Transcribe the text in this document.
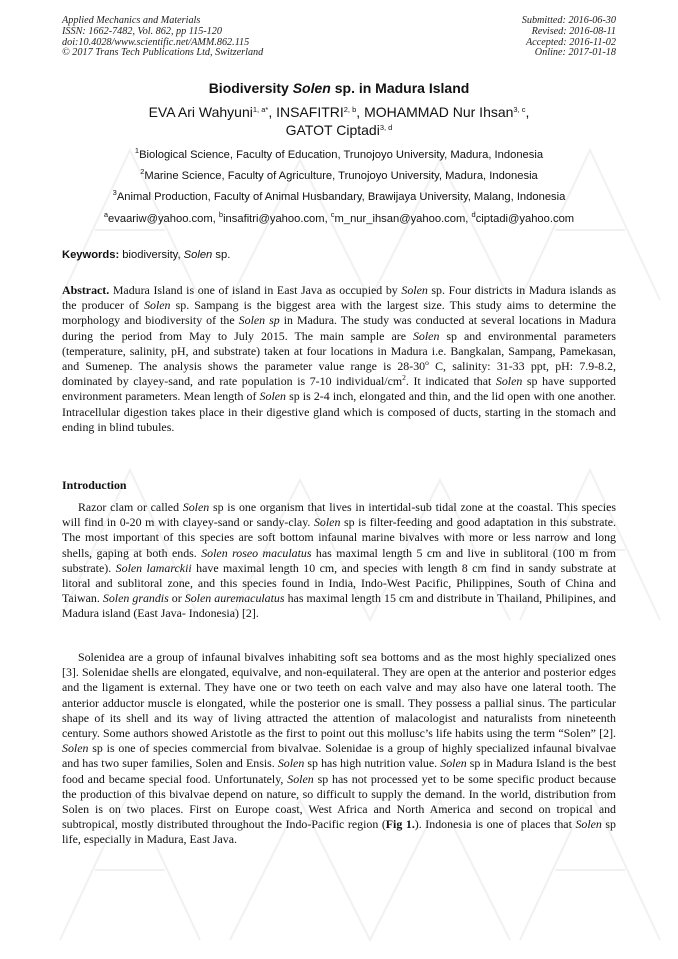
Applied Mechanics and Materials
ISSN: 1662-7482, Vol. 862, pp 115-120
doi:10.4028/www.scientific.net/AMM.862.115
© 2017 Trans Tech Publications Ltd, Switzerland
Submitted: 2016-06-30
Revised: 2016-08-11
Accepted: 2016-11-02
Online: 2017-01-18
Biodiversity Solen sp. in Madura Island
EVA Ari Wahyuni$^{1, a*}$, INSAFITRI$^{2, b}$, MOHAMMAD Nur Ihsan$^{3, c}$,
GATOT Ciptadi$^{3, d}$
$^1$Biological Science, Faculty of Education, Trunojoyo University, Madura, Indonesia
$^2$Marine Science, Faculty of Agriculture, Trunojoyo University, Madura, Indonesia
$^3$Animal Production, Faculty of Animal Husbandary, Brawijaya University, Malang, Indonesia
$^a$evaariw@yahoo.com, $^b$insafitri@yahoo.com, $^c$m_nur_ihsan@yahoo.com, $^d$ciptadi@yahoo.com
Keywords: biodiversity, Solen sp.
Abstract. Madura Island is one of island in East Java as occupied by Solen sp. Four districts in Madura islands as the producer of Solen sp. Sampang is the biggest area with the largest size. This study aims to determine the morphology and biodiversity of the Solen sp in Madura. The study was conducted at several locations in Madura during the period from May to July 2015. The main sample are Solen sp and environmental parameters (temperature, salinity, pH, and substrate) taken at four locations in Madura i.e. Bangkalan, Sampang, Pamekasan, and Sumenep. The analysis shows the parameter value range is 28-30$^o$ C, salinity: 31-33 ppt, pH: 7.9-8.2, dominated by clayey-sand, and rate population is 7-10 individual/$cm^2$. It indicated that Solen sp have supported environment parameters. Mean length of Solen sp is 2-4 inch, elongated and thin, and the lid open with one another. Intracellular digestion takes place in their digestive gland which is composed of ducts, starting in the stomach and ending in blind tubules.
Introduction
Razor clam or called Solen sp is one organism that lives in intertidal-sub tidal zone at the coastal. This species will find in 0-20 m with clayey-sand or sandy-clay. Solen sp is filter-feeding and good adaptation in this substrate. The most important of this species are soft bottom infaunal marine bivalves with more or less narrow and long shells, gaping at both ends. Solen roseo maculatus has maximal length 5 cm and live in sublitoral (100 m from substrate). Solen lamarckii have maximal length 10 cm, and species with length 8 cm find in sandy substrate at litoral and sublitoral zone, and this species found in India, Indo-West Pacific, Philippines, South of China and Taiwan. Solen grandis or Solen auremaculatus has maximal length 15 cm and distribute in Thailand, Philipines, and Madura island (East Java- Indonesia) [2].
Solenidea are a group of infaunal bivalves inhabiting soft sea bottoms and as the most highly specialized ones [3]. Solenidae shells are elongated, equivalve, and non-equilateral. They are open at the anterior and posterior edges and the ligament is external. They have one or two teeth on each valve and may also have one lateral tooth. The anterior adductor muscle is elongated, while the posterior one is small. They possess a pallial sinus. The particular shape of its shell and its way of living attracted the attention of malacologist and naturalists from nineteenth century. Some authors showed Aristotle as the first to point out this mollusc’s life habits using the term “Solen” [2]. Solen sp is one of species commercial from bivalvae. Solenidae is a group of highly specialized infaunal bivalvae and has two super families, Solen and Ensis. Solen sp has high nutrition value. Solen sp in Madura Island is the best food and became special food. Unfortunately, Solen sp has not processed yet to be some specific product because the production of this bivalvae depend on nature, so difficult to supply the demand. In the world, distribution from Solen is on two places. First on Europe coast, West Africa and North America and second on tropical and subtropical, mostly distributed throughout the Indo-Pacific region (Fig 1.). Indonesia is one of places that Solen sp life, especially in Madura, East Java.
